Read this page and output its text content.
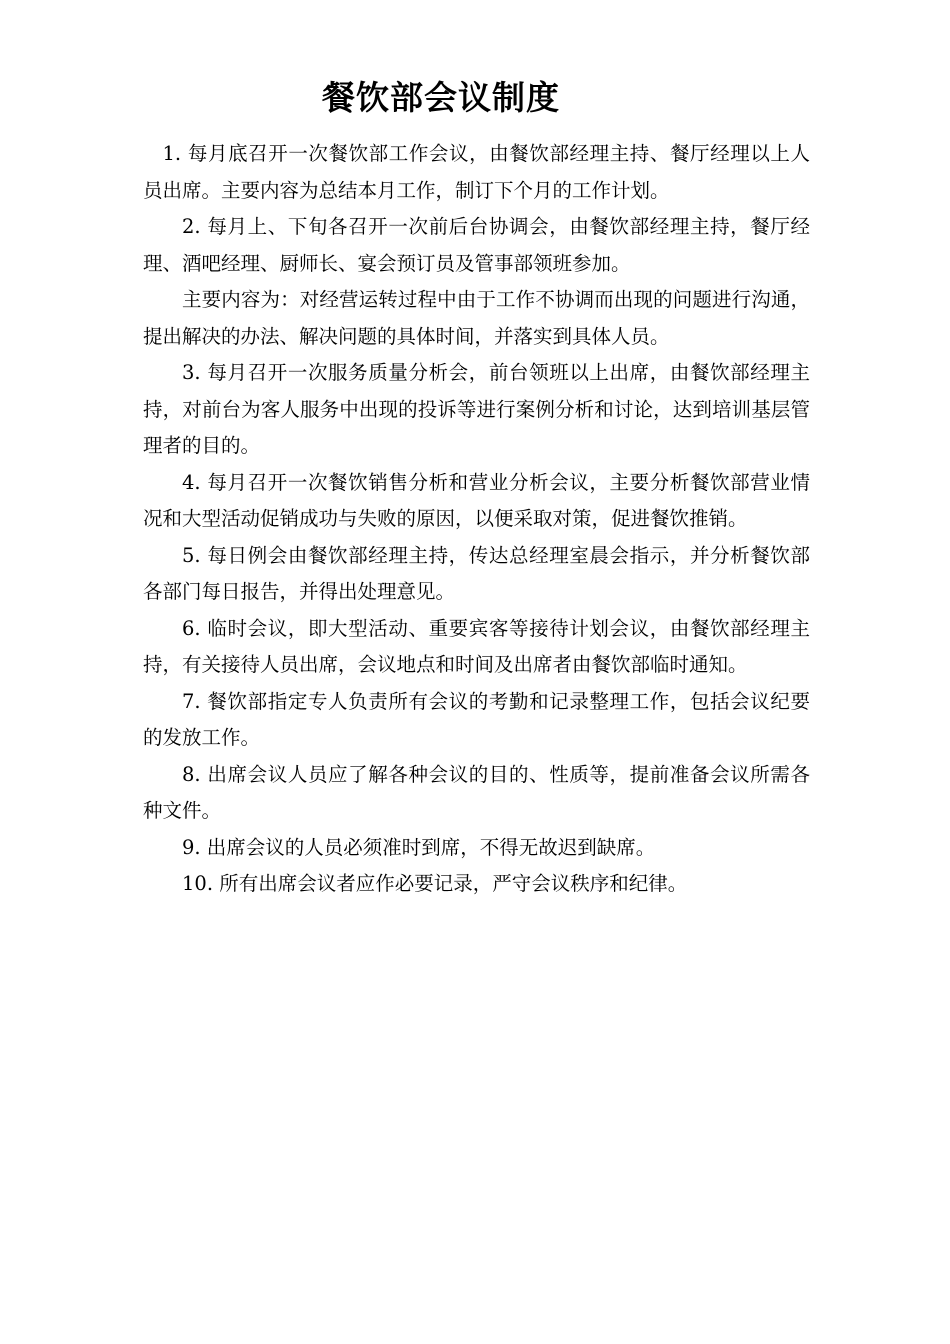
餐饮部会议制度

1. 每月底召开一次餐饮部工作会议，由餐饮部经理主持、餐厅经理以上人员出席。主要内容为总结本月工作，制订下个月的工作计划。

2. 每月上、下旬各召开一次前后台协调会，由餐饮部经理主持，餐厅经理、酒吧经理、厨师长、宴会预订员及管事部领班参加。

主要内容为：对经营运转过程中由于工作不协调而出现的问题进行沟通，提出解决的办法、解决问题的具体时间，并落实到具体人员。

3. 每月召开一次服务质量分析会，前台领班以上出席，由餐饮部经理主持，对前台为客人服务中出现的投诉等进行案例分析和讨论，达到培训基层管理者的目的。

4. 每月召开一次餐饮销售分析和营业分析会议，主要分析餐饮部营业情况和大型活动促销成功与失败的原因，以便采取对策，促进餐饮推销。

5. 每日例会由餐饮部经理主持，传达总经理室晨会指示，并分析餐饮部各部门每日报告，并得出处理意见。

6. 临时会议，即大型活动、重要宾客等接待计划会议，由餐饮部经理主持，有关接待人员出席，会议地点和时间及出席者由餐饮部临时通知。

7. 餐饮部指定专人负责所有会议的考勤和记录整理工作，包括会议纪要的发放工作。

8. 出席会议人员应了解各种会议的目的、性质等，提前准备会议所需各种文件。

9. 出席会议的人员必须准时到席，不得无故迟到缺席。

10. 所有出席会议者应作必要记录，严守会议秩序和纪律。
